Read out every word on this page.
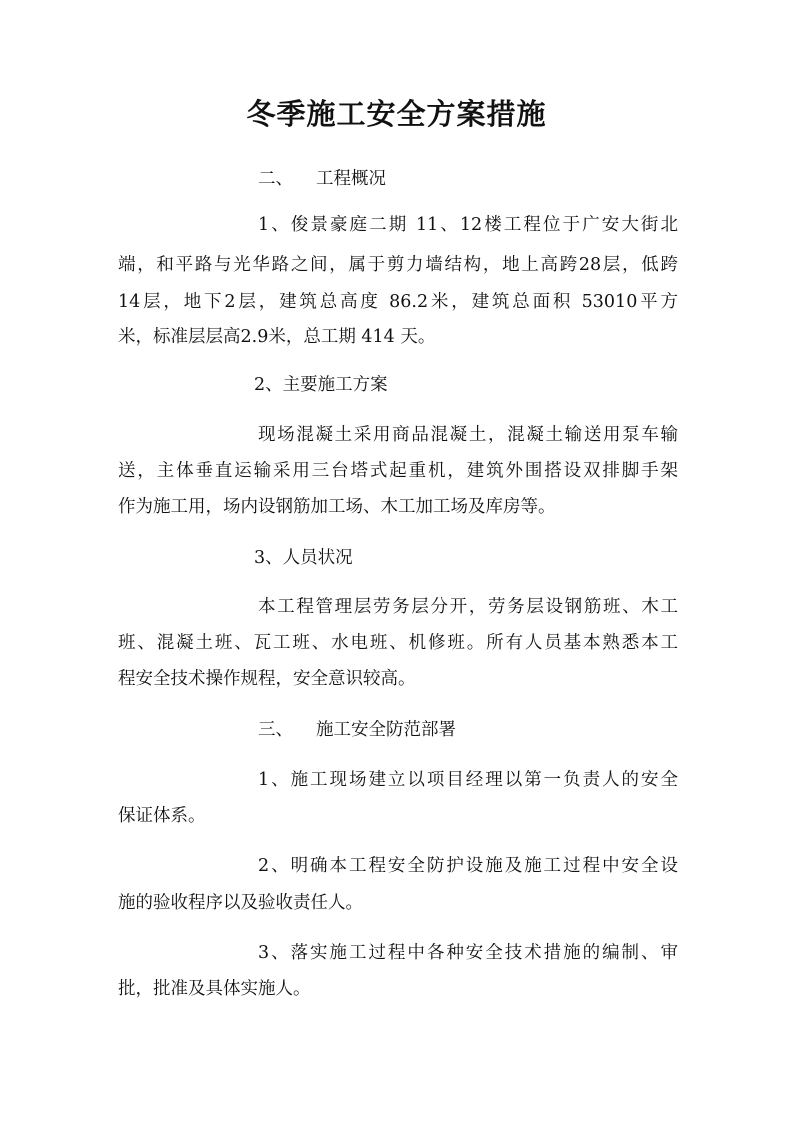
冬季施工安全方案措施
二、 工程概况
1、俊景豪庭二期 11、12楼工程位于广安大街北
端，和平路与光华路之间，属于剪力墙结构，地上高跨28层，低跨
14层，地下2层，建筑总高度 86.2米，建筑总面积 53010平方
米，标准层层高2.9米，总工期 414 天。
2、主要施工方案
现场混凝土采用商品混凝土，混凝土输送用泵车输
送，主体垂直运输采用三台塔式起重机，建筑外围搭设双排脚手架
作为施工用，场内设钢筋加工场、木工加工场及库房等。
3、人员状况
本工程管理层劳务层分开，劳务层设钢筋班、木工
班、混凝土班、瓦工班、水电班、机修班。所有人员基本熟悉本工
程安全技术操作规程，安全意识较高。
三、 施工安全防范部署
1、施工现场建立以项目经理以第一负责人的安全
保证体系。
2、明确本工程安全防护设施及施工过程中安全设
施的验收程序以及验收责任人。
3、落实施工过程中各种安全技术措施的编制、审
批，批准及具体实施人。
